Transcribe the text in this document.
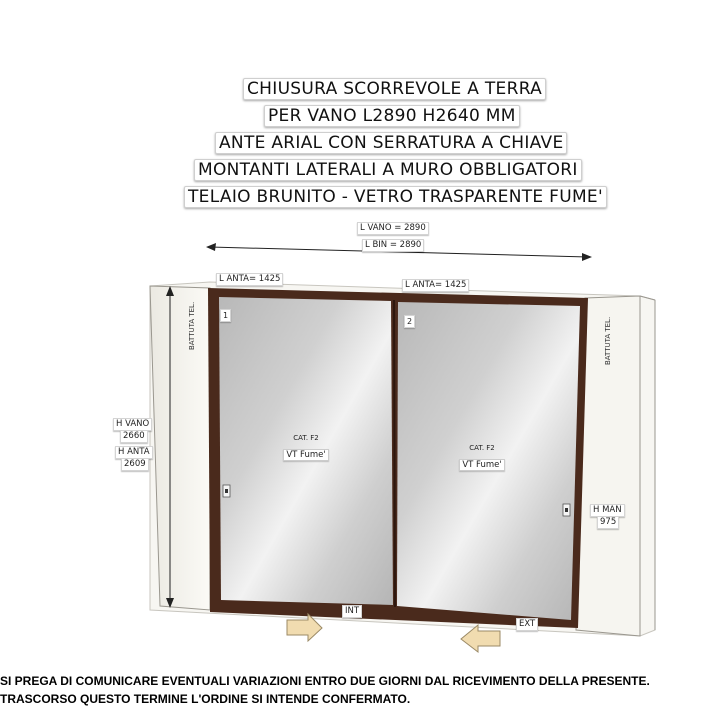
CHIUSURA SCORREVOLE A TERRA
PER VANO L2890 H2640 MM
ANTE ARIAL CON SERRATURA A CHIAVE
MONTANTI LATERALI A MURO OBBLIGATORI
TELAIO BRUNITO - VETRO TRASPARENTE FUME'
L VANO = 2890
L BIN = 2890
L ANTA= 1425
L ANTA= 1425
H VANO
2660
H ANTA
2609
H MAN
975
BATTUTA TEL.	BATTUTA TEL.
1
2
CAT. F2
VT Fume'
CAT. F2
VT Fume'
INT
EXT
SI PREGA DI COMUNICARE EVENTUALI VARIAZIONI ENTRO DUE GIORNI DAL RICEVIMENTO DELLA PRESENTE.
TRASCORSO QUESTO TERMINE L'ORDINE SI INTENDE CONFERMATO.
